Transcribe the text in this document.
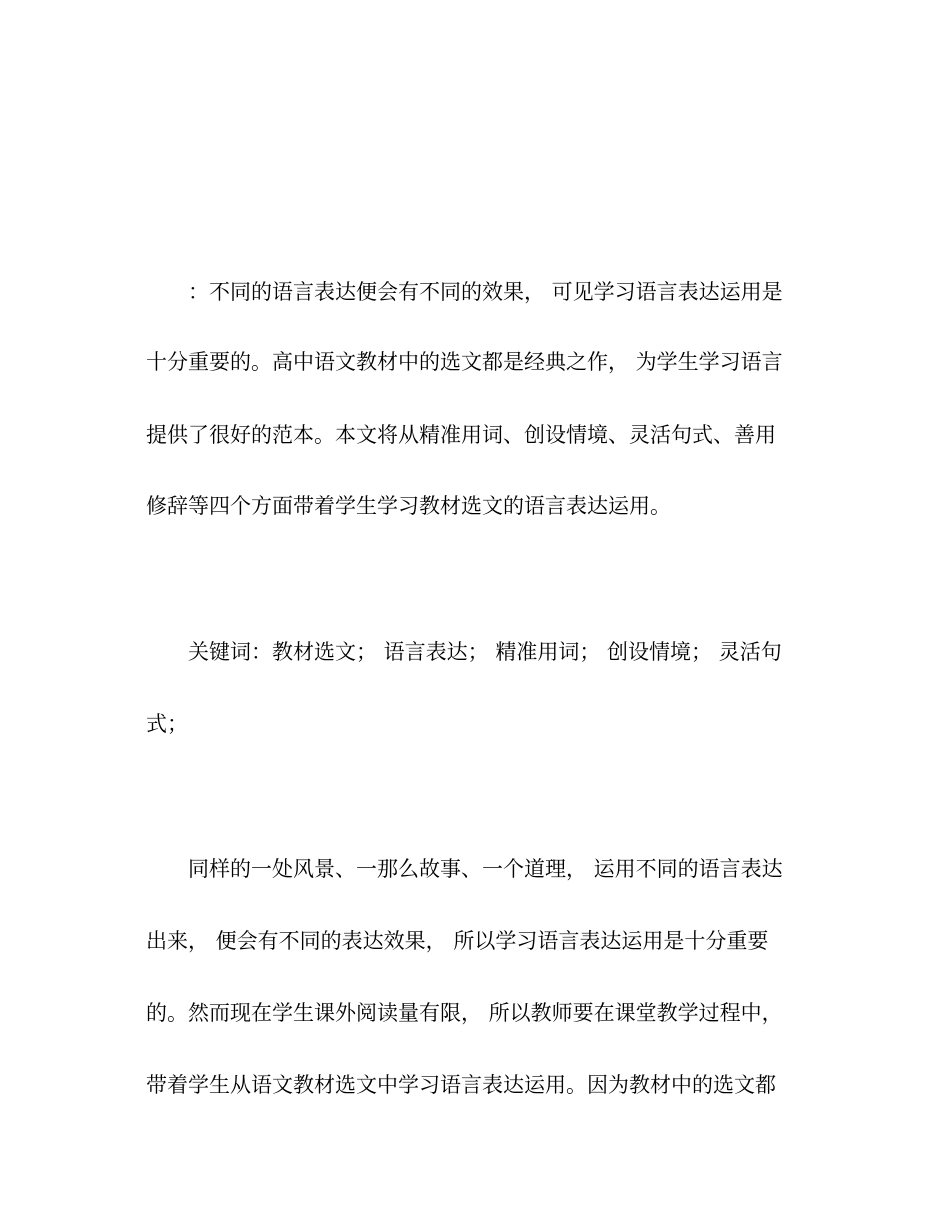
：不同的语言表达便会有不同的效果， 可见学习语言表达运用是
十分重要的。高中语文教材中的选文都是经典之作， 为学生学习语言
提供了很好的范本。本文将从精准用词、创设情境、灵活句式、善用
修辞等四个方面带着学生学习教材选文的语言表达运用。
关键词：教材选文； 语言表达； 精准用词； 创设情境； 灵活句
式；
同样的一处风景、一那么故事、一个道理， 运用不同的语言表达
出来， 便会有不同的表达效果， 所以学习语言表达运用是十分重要
的。然而现在学生课外阅读量有限， 所以教师要在课堂教学过程中，
带着学生从语文教材选文中学习语言表达运用。因为教材中的选文都
